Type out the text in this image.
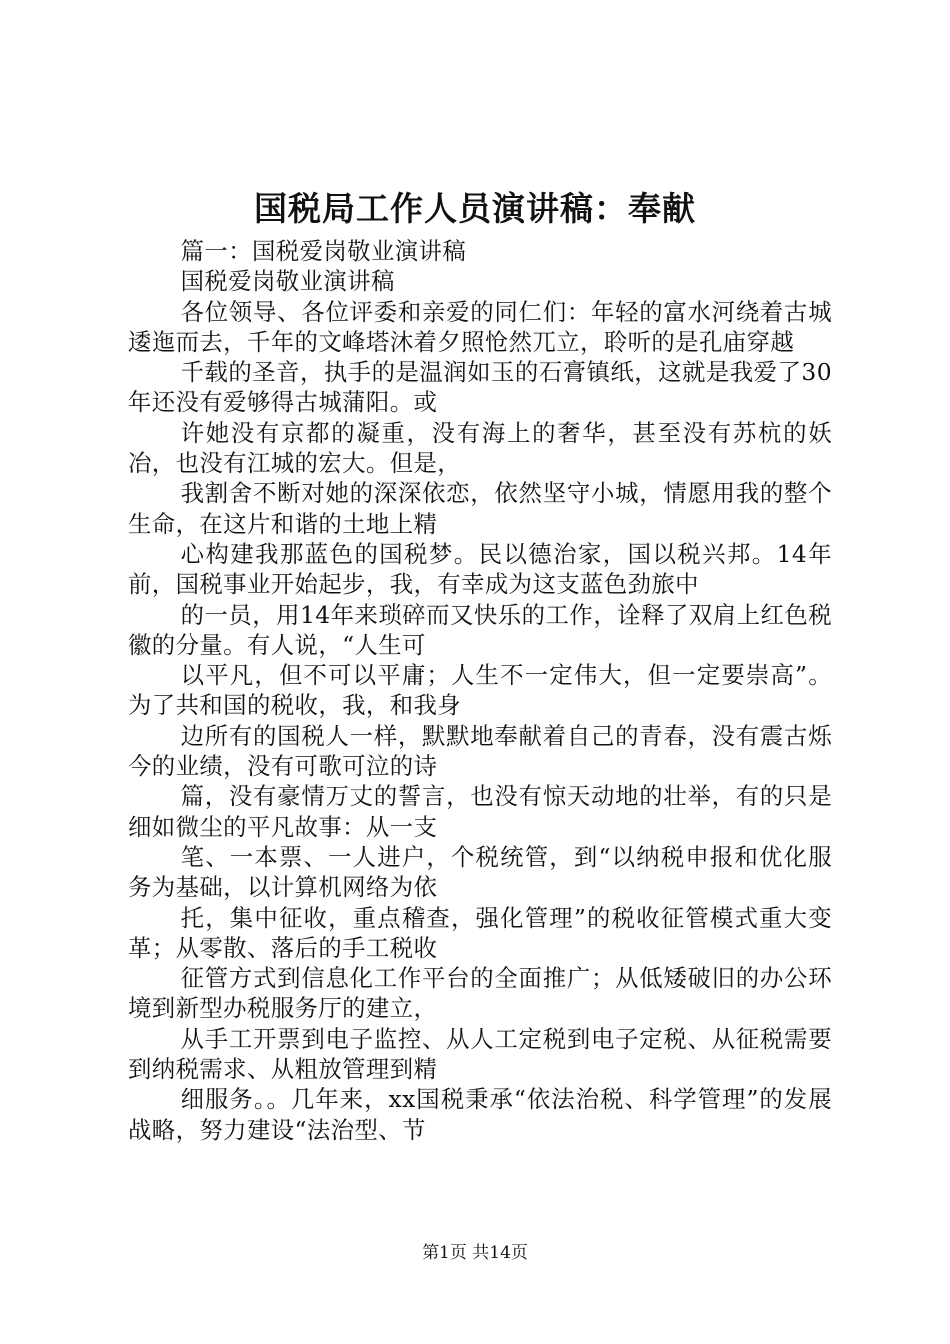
国税局工作人员演讲稿：奉献

篇一：国税爱岗敬业演讲稿

国税爱岗敬业演讲稿

各位领导、各位评委和亲爱的同仁们：年轻的富水河绕着古城逶迤而去，千年的文峰塔沐着夕照怆然兀立，聆听的是孔庙穿越

千载的圣音，执手的是温润如玉的石膏镇纸，这就是我爱了30年还没有爱够得古城蒲阳。或

许她没有京都的凝重，没有海上的奢华，甚至没有苏杭的妖冶，也没有江城的宏大。但是，

我割舍不断对她的深深依恋，依然坚守小城，情愿用我的整个生命，在这片和谐的土地上精

心构建我那蓝色的国税梦。民以德治家，国以税兴邦。14年前，国税事业开始起步，我，有幸成为这支蓝色劲旅中

的一员，用14年来琐碎而又快乐的工作，诠释了双肩上红色税徽的分量。有人说，“人生可

以平凡，但不可以平庸；人生不一定伟大，但一定要崇高”。为了共和国的税收，我，和我身

边所有的国税人一样，默默地奉献着自己的青春，没有震古烁今的业绩，没有可歌可泣的诗

篇，没有豪情万丈的誓言，也没有惊天动地的壮举，有的只是细如微尘的平凡故事：从一支

笔、一本票、一人进户，个税统管，到“以纳税申报和优化服务为基础，以计算机网络为依

托，集中征收，重点稽查，强化管理”的税收征管模式重大变革；从零散、落后的手工税收

征管方式到信息化工作平台的全面推广；从低矮破旧的办公环境到新型办税服务厅的建立，

从手工开票到电子监控、从人工定税到电子定税、从征税需要到纳税需求、从粗放管理到精

细服务。。几年来，xx国税秉承“依法治税、科学管理”的发展战略，努力建设“法治型、节

第1页 共14页
